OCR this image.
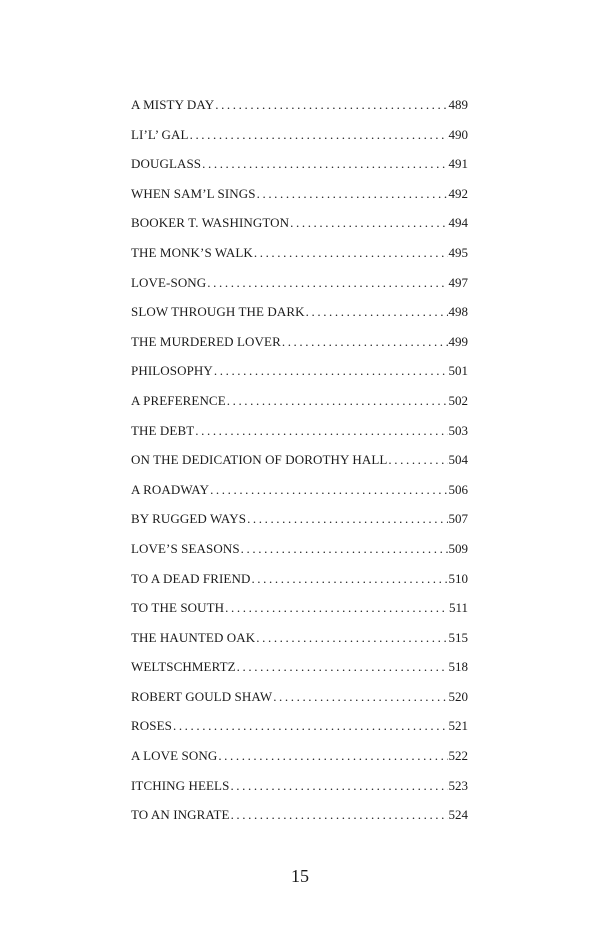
A MISTY DAY .....	489
LI’L’ GAL .....	490
DOUGLASS .....	491
WHEN SAM’L SINGS .....	492
BOOKER T. WASHINGTON .....	494
THE MONK’S WALK .....	495
LOVE-SONG .....	497
SLOW THROUGH THE DARK .....	498
THE MURDERED LOVER .....	499
PHILOSOPHY .....	501
A PREFERENCE .....	502
THE DEBT .....	503
ON THE DEDICATION OF DOROTHY HALL .....	504
A ROADWAY .....	506
BY RUGGED WAYS .....	507
LOVE’S SEASONS .....	509
TO A DEAD FRIEND .....	510
TO THE SOUTH .....	511
THE HAUNTED OAK .....	515
WELTSCHMERTZ .....	518
ROBERT GOULD SHAW .....	520
ROSES .....	521
A LOVE SONG .....	522
ITCHING HEELS .....	523
TO AN INGRATE .....	524
15
